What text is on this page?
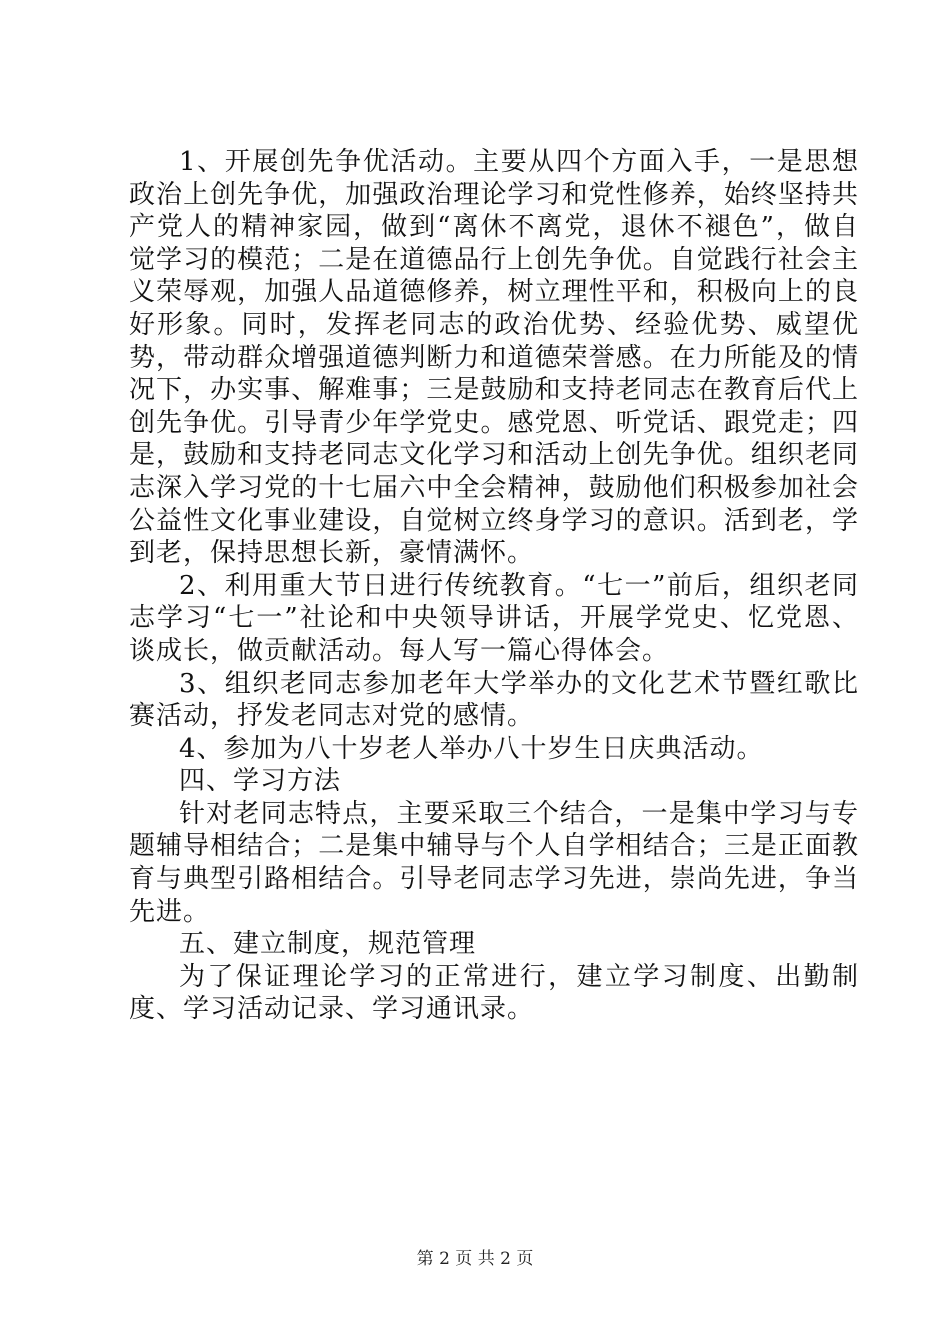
1、开展创先争优活动。主要从四个方面入手，一是思想政治上创先争优，加强政治理论学习和党性修养，始终坚持共产党人的精神家园，做到“离休不离党，退休不褪色”，做自觉学习的模范；二是在道德品行上创先争优。自觉践行社会主义荣辱观，加强人品道德修养，树立理性平和，积极向上的良好形象。同时，发挥老同志的政治优势、经验优势、威望优势，带动群众增强道德判断力和道德荣誉感。在力所能及的情况下，办实事、解难事；三是鼓励和支持老同志在教育后代上创先争优。引导青少年学党史。感党恩、听党话、跟党走；四是，鼓励和支持老同志文化学习和活动上创先争优。组织老同志深入学习党的十七届六中全会精神，鼓励他们积极参加社会公益性文化事业建设，自觉树立终身学习的意识。活到老，学到老，保持思想长新，豪情满怀。

2、利用重大节日进行传统教育。“七一”前后，组织老同志学习“七一”社论和中央领导讲话，开展学党史、忆党恩、谈成长，做贡献活动。每人写一篇心得体会。

3、组织老同志参加老年大学举办的文化艺术节暨红歌比赛活动，抒发老同志对党的感情。

4、参加为八十岁老人举办八十岁生日庆典活动。

四、学习方法

针对老同志特点，主要采取三个结合，一是集中学习与专题辅导相结合；二是集中辅导与个人自学相结合；三是正面教育与典型引路相结合。引导老同志学习先进，崇尚先进，争当先进。

五、建立制度，规范管理

为了保证理论学习的正常进行，建立学习制度、出勤制度、学习活动记录、学习通讯录。

第 2 页 共 2 页
